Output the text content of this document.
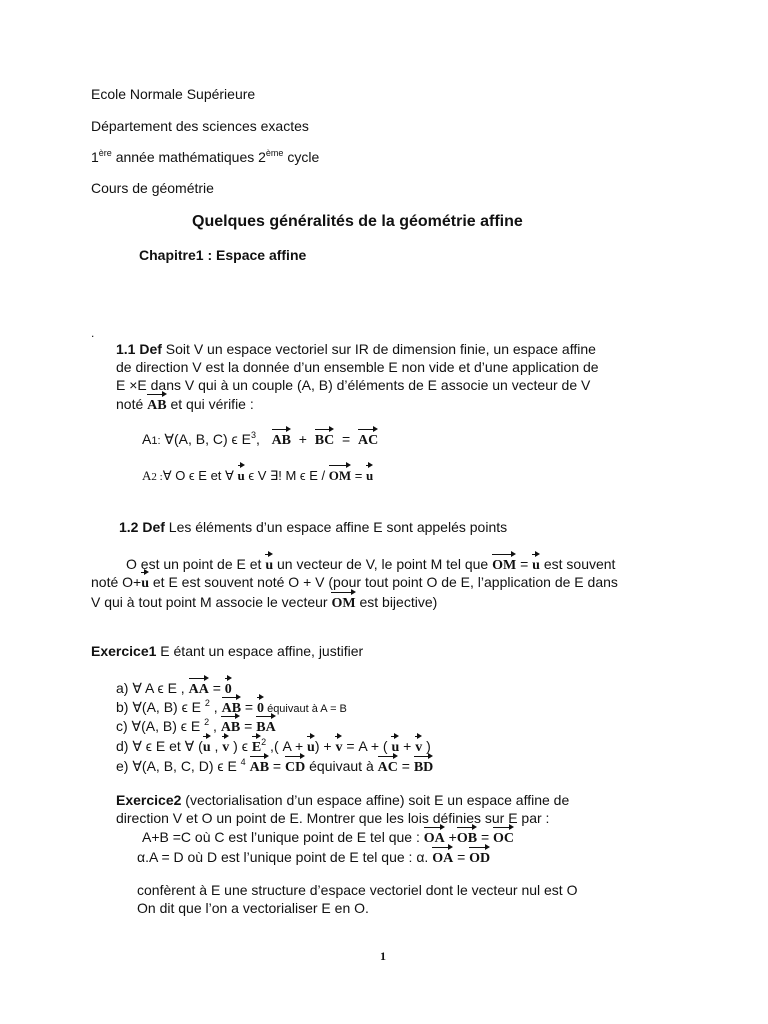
Ecole Normale Supérieure
Département des sciences exactes
1ère année mathématiques 2ème cycle
Cours de géométrie
Quelques généralités de la géométrie affine
Chapitre1 : Espace affine
.
1.1 Def Soit V un espace vectoriel sur IR de dimension finie, un espace affine
de direction V est la donnée d’un ensemble E non vide et d’une application de
E ×E dans V qui à un couple (A, B) d’éléments de E associe un vecteur de V
noté AB et qui vérifie :
A1: ∀(A, B, C) ϵ $E^3$,   AB + BC = AC
A2 :∀ O ϵ E et ∀ u ϵ V ∃! M ϵ E / OM = u
1.2 Def Les éléments d’un espace affine E sont appelés points
O est un point de E et u un vecteur de V, le point M tel que OM = u est souvent
noté O+u et E est souvent noté O + V (pour tout point O de E, l’application de E dans
V qui à tout point M associe le vecteur OM est bijective)
Exercice1 E étant un espace affine, justifier
a) ∀ A ϵ E , AA = 0
b) ∀(A, B) ϵ E $^2$ , AB = 0 équivaut à A = B
c) ∀(A, B) ϵ E $^2$ , AB = BA
d) ∀ ϵ E et ∀ (u , v ) ϵ $E^2$ ,( A + u) + v = A + ( u + v )
e) ∀(A, B, C, D) ϵ E $^4$ AB = CD équivaut à AC = BD
Exercice2 (vectorialisation d’un espace affine) soit E un espace affine de
direction V et O un point de E. Montrer que les lois définies sur E par :
A+B =C où C est l’unique point de E tel que : OA +OB = OC
α.A = D où D est l’unique point de E tel que : α. OA = OD
confèrent à E une structure d’espace vectoriel dont le vecteur nul est O
On dit que l’on a vectorialiser E en O.
1
